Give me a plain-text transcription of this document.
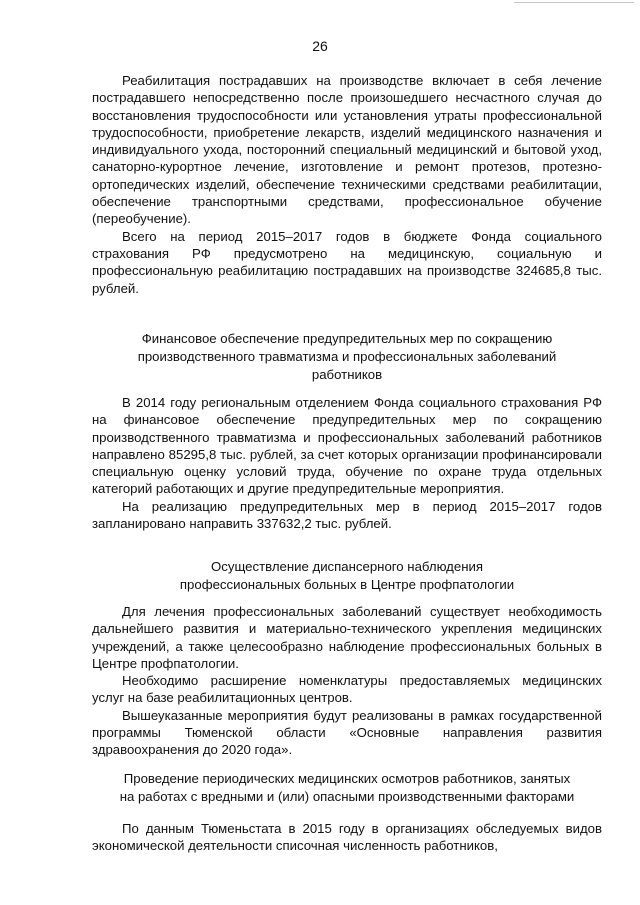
26

Реабилитация пострадавших на производстве включает в себя лечение пострадавшего непосредственно после произошедшего несчастного случая до восстановления трудоспособности или установления утраты профессиональной трудоспособности, приобретение лекарств, изделий медицинского назначения и индивидуального ухода, посторонний специальный медицинский и бытовой уход, санаторно-курортное лечение, изготовление и ремонт протезов, протезно-ортопедических изделий, обеспечение техническими средствами реабилитации, обеспечение транспортными средствами, профессиональное обучение (переобучение).

Всего на период 2015–2017 годов в бюджете Фонда социального страхования РФ предусмотрено на медицинскую, социальную и профессиональную реабилитацию пострадавших на производстве 324685,8 тыс. рублей.

Финансовое обеспечение предупредительных мер по сокращению
производственного травматизма и профессиональных заболеваний
работников

В 2014 году региональным отделением Фонда социального страхования РФ на финансовое обеспечение предупредительных мер по сокращению производственного травматизма и профессиональных заболеваний работников направлено 85295,8 тыс. рублей, за счет которых организации профинансировали специальную оценку условий труда, обучение по охране труда отдельных категорий работающих и другие предупредительные мероприятия.

На реализацию предупредительных мер в период 2015–2017 годов запланировано направить 337632,2 тыс. рублей.

Осуществление диспансерного наблюдения
профессиональных больных в Центре профпатологии

Для лечения профессиональных заболеваний существует необходимость дальнейшего развития и материально-технического укрепления медицинских учреждений, а также целесообразно наблюдение профессиональных больных в Центре профпатологии.

Необходимо расширение номенклатуры предоставляемых медицинских услуг на базе реабилитационных центров.

Вышеуказанные мероприятия будут реализованы в рамках государственной программы Тюменской области «Основные направления развития здравоохранения до 2020 года».

Проведение периодических медицинских осмотров работников, занятых
на работах с вредными и (или) опасными производственными факторами

По данным Тюменьстата в 2015 году в организациях обследуемых видов экономической деятельности списочная численность работников,
